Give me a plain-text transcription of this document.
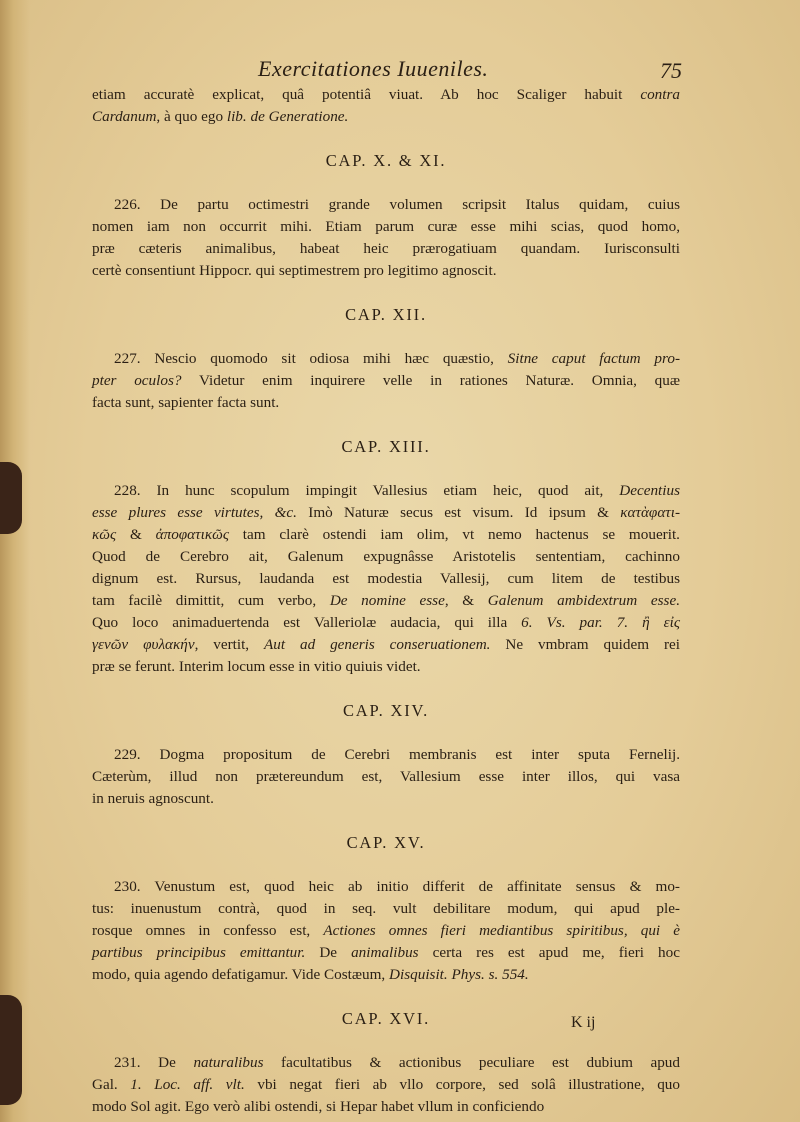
Exercitationes Iuueniles.	75
etiam accuratè explicat, quâ potentiâ viuat. Ab hoc Scaliger habuit contra
Cardanum, à quo ego lib. de Generatione.
CAP. X. & XI.
226. De partu octimestri grande volumen scripsit Italus quidam, cuius
nomen iam non occurrit mihi. Etiam parum curæ esse mihi scias, quod homo,
præ cæteris animalibus, habeat heic prærogatiuam quandam. Iurisconsulti
certè consentiunt Hippocr. qui septimestrem pro legitimo agnoscit.
CAP. XII.
227. Nescio quomodo sit odiosa mihi hæc quæstio, Sitne caput factum pro-
pter oculos? Videtur enim inquirere velle in rationes Naturæ. Omnia, quæ
facta sunt, sapienter facta sunt.
CAP. XIII.
228. In hunc scopulum impingit Vallesius etiam heic, quod ait, Decentius
esse plures esse virtutes, &c. Imò Naturæ secus est visum. Id ipsum & κατὰφατι-
κῶς & ἀποφατικῶς tam clarè ostendi iam olim, vt nemo hactenus se mouerit.
Quod de Cerebro ait, Galenum expugnâsse Aristotelis sententiam, cachinno
dignum est. Rursus, laudanda est modestia Vallesij, cum litem de testibus
tam facilè dimittit, cum verbo, De nomine esse, & Galenum ambidextrum esse.
Quo loco animaduertenda est Valleriolæ audacia, qui illa 6. Vs. par. 7. ἢ εἰς
γενῶν φυλακήν, vertit, Aut ad generis conseruationem. Ne vmbram quidem rei
præ se ferunt. Interim locum esse in vitio quiuis videt.
CAP. XIV.
229. Dogma propositum de Cerebri membranis est inter sputa Fernelij.
Cæterùm, illud non prætereundum est, Vallesium esse inter illos, qui vasa
in neruis agnoscunt.
CAP. XV.
230. Venustum est, quod heic ab initio differit de affinitate sensus & mo-
tus: inuenustum contrà, quod in seq. vult debilitare modum, qui apud ple-
rosque omnes in confesso est, Actiones omnes fieri mediantibus spiritibus, qui è
partibus principibus emittantur. De animalibus certa res est apud me, fieri hoc
modo, quia agendo defatigamur. Vide Costæum, Disquisit. Phys. s. 554.
CAP. XVI.
231. De naturalibus facultatibus & actionibus peculiare est dubium apud
Gal. 1. Loc. aff. vlt. vbi negat fieri ab vllo corpore, sed solâ illustratione, quo
modo Sol agit. Ego verò alibi ostendi, si Hepar habet vllum in conficiendo
K ij
